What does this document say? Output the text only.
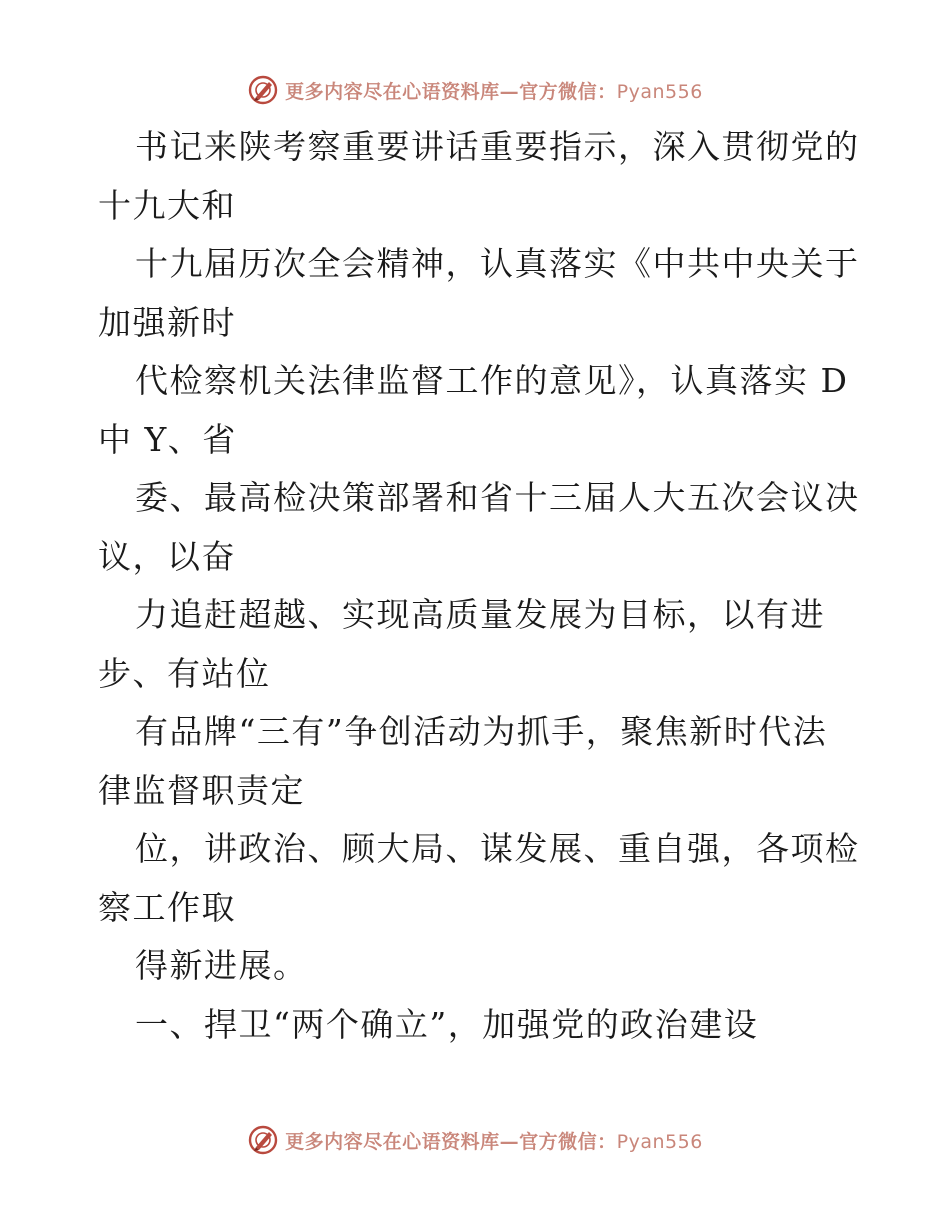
更多内容尽在心语资料库—官方微信：Pyan556
书记来陕考察重要讲话重要指示，深入贯彻党的
十九大和
十九届历次全会精神，认真落实《中共中央关于
加强新时
代检察机关法律监督工作的意见》，认真落实 D
中 Y、省
委、最高检决策部署和省十三届人大五次会议决
议，以奋
力追赶超越、实现高质量发展为目标，以有进
步、有站位
有品牌“三有”争创活动为抓手，聚焦新时代法
律监督职责定
位，讲政治、顾大局、谋发展、重自强，各项检
察工作取
得新进展。
一、捍卫“两个确立”，加强党的政治建设
更多内容尽在心语资料库—官方微信：Pyan556
